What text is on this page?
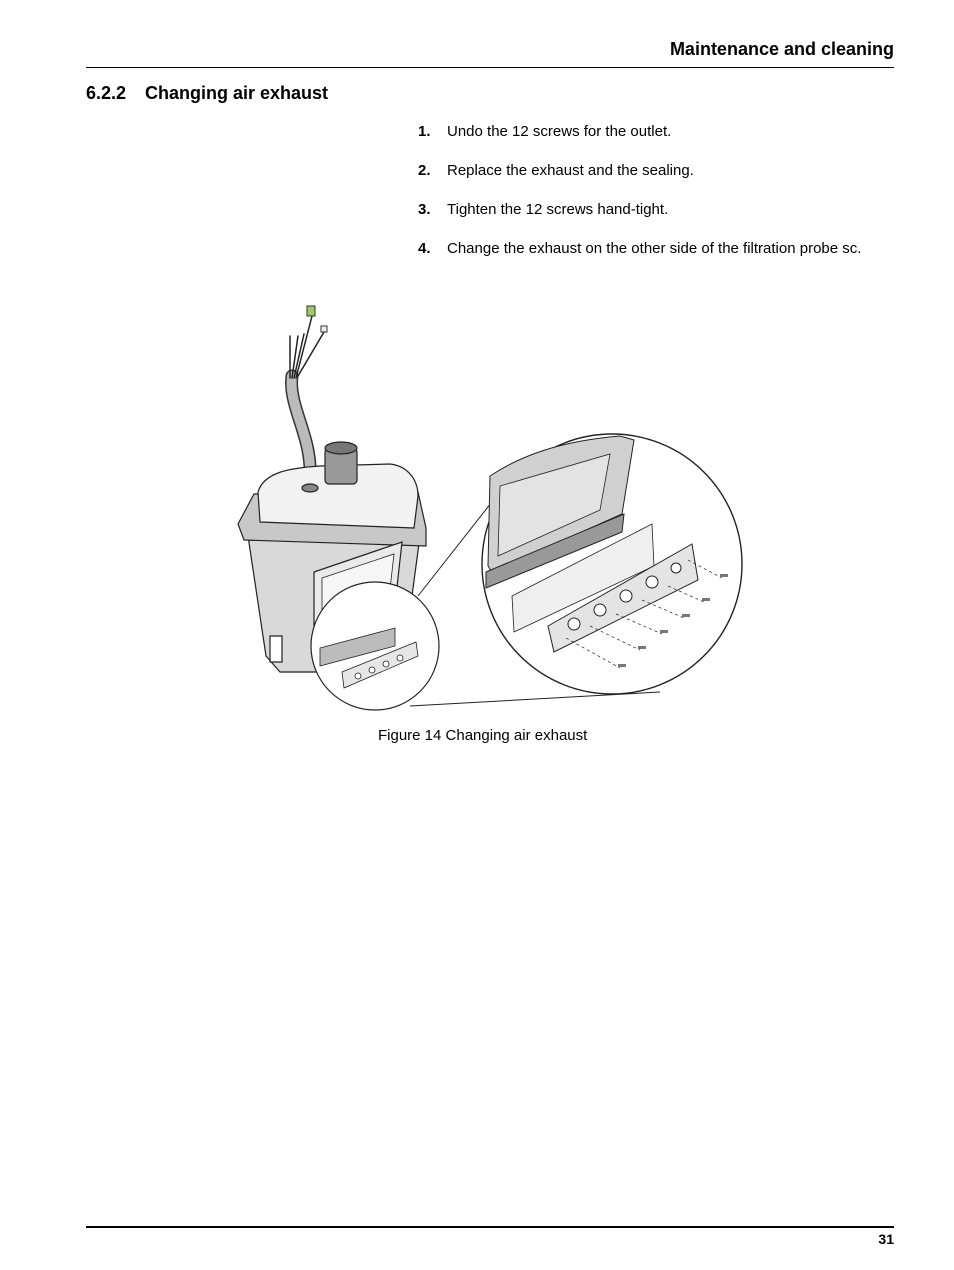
Maintenance and cleaning
6.2.2 Changing air exhaust
1. Undo the 12 screws for the outlet.
2. Replace the exhaust and the sealing.
3. Tighten the 12 screws hand-tight.
4. Change the exhaust on the other side of the filtration probe sc.
Figure 14 Changing air exhaust
31
